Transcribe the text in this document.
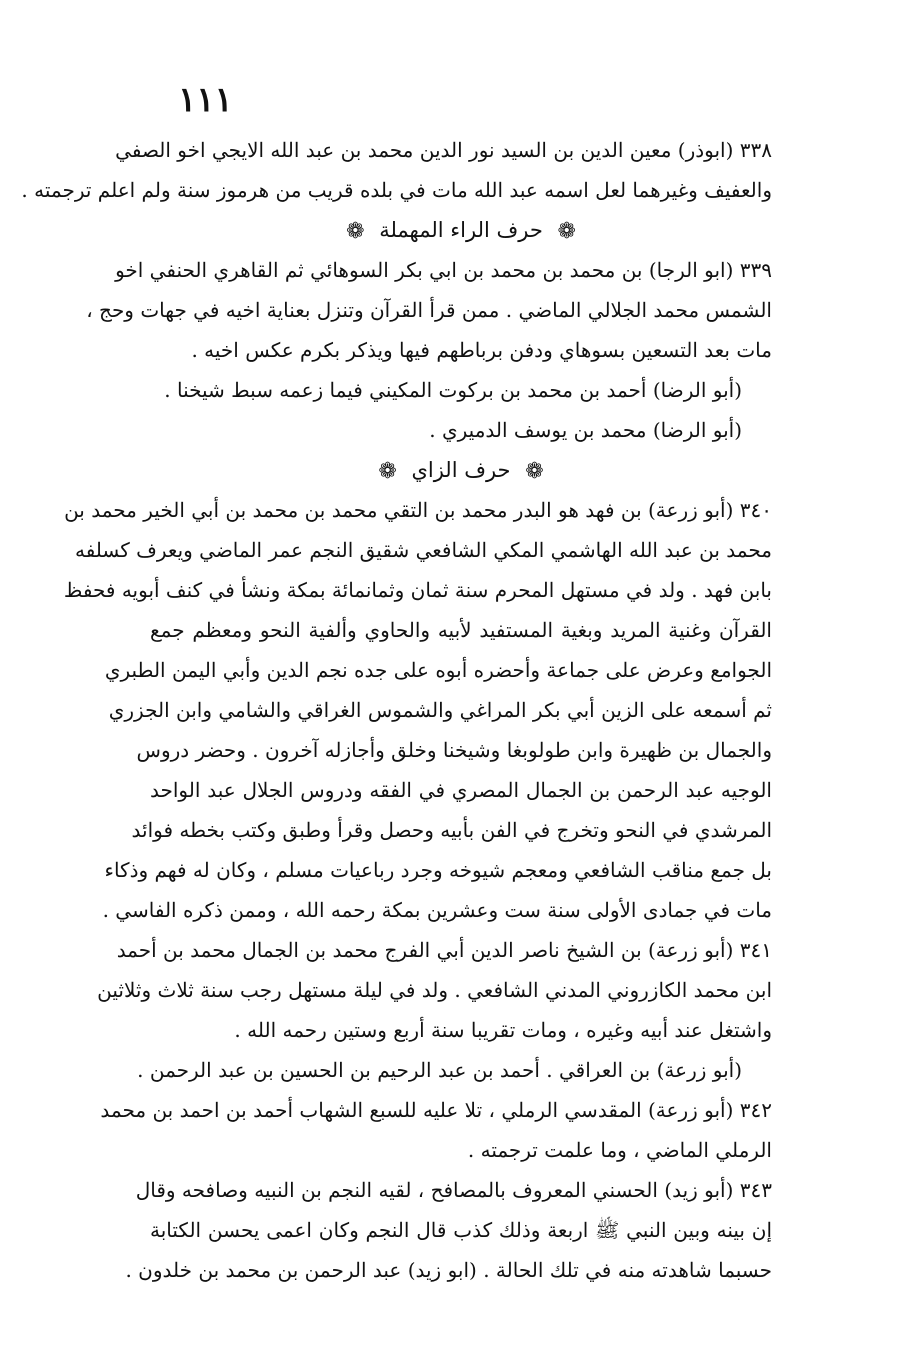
١١١
٣٣٨ (ابوذر) معين الدين بن السيد نور الدين محمد بن عبد الله الايجي اخو الصفي
والعفيف وغيرهما لعل اسمه عبد الله مات في بلده قريب من هرموز سنة ولم اعلم ترجمته .
❁ حرف الراء المهملة ❁
٣٣٩ (ابو الرجا) بن محمد بن محمد بن ابي بكر السوهائي ثم القاهري الحنفي اخو
الشمس محمد الجلالي الماضي . ممن قرأ القرآن وتنزل بعناية اخيه في جهات وحج ،
مات بعد التسعين بسوهاي ودفن برباطهم فيها ويذكر بكرم عكس اخيه .
(أبو الرضا) أحمد بن محمد بن بركوت المكيني فيما زعمه سبط شيخنا .
(أبو الرضا) محمد بن يوسف الدميري .
❁ حرف الزاي ❁
٣٤٠ (أبو زرعة) بن فهد هو البدر محمد بن التقي محمد بن محمد بن أبي الخير محمد بن
محمد بن عبد الله الهاشمي المكي الشافعي شقيق النجم عمر الماضي ويعرف كسلفه
بابن فهد . ولد في مستهل المحرم سنة ثمان وثمانمائة بمكة ونشأ في كنف أبويه فحفظ
القرآن وغنية المريد وبغية المستفيد لأبيه والحاوي وألفية النحو ومعظم جمع
الجوامع وعرض على جماعة وأحضره أبوه على جده نجم الدين وأبي اليمن الطبري
ثم أسمعه على الزين أبي بكر المراغي والشموس الغراقي والشامي وابن الجزري
والجمال بن ظهيرة وابن طولوبغا وشيخنا وخلق وأجازله آخرون . وحضر دروس
الوجيه عبد الرحمن بن الجمال المصري في الفقه ودروس الجلال عبد الواحد
المرشدي في النحو وتخرج في الفن بأبيه وحصل وقرأ وطبق وكتب بخطه فوائد
بل جمع مناقب الشافعي ومعجم شيوخه وجرد رباعيات مسلم ، وكان له فهم وذكاء
مات في جمادى الأولى سنة ست وعشرين بمكة رحمه الله ، وممن ذكره الفاسي .
٣٤١ (أبو زرعة) بن الشيخ ناصر الدين أبي الفرج محمد بن الجمال محمد بن أحمد
ابن محمد الكازروني المدني الشافعي . ولد في ليلة مستهل رجب سنة ثلاث وثلاثين
واشتغل عند أبيه وغيره ، ومات تقريبا سنة أربع وستين رحمه الله .
(أبو زرعة) بن العراقي . أحمد بن عبد الرحيم بن الحسين بن عبد الرحمن .
٣٤٢ (أبو زرعة) المقدسي الرملي ، تلا عليه للسبع الشهاب أحمد بن احمد بن محمد
الرملي الماضي ، وما علمت ترجمته .
٣٤٣ (أبو زيد) الحسني المعروف بالمصافح ، لقيه النجم بن النبيه وصافحه وقال
إن بينه وبين النبي ﷺ اربعة وذلك كذب قال النجم وكان اعمى يحسن الكتابة
حسبما شاهدته منه في تلك الحالة . (ابو زيد) عبد الرحمن بن محمد بن خلدون .
